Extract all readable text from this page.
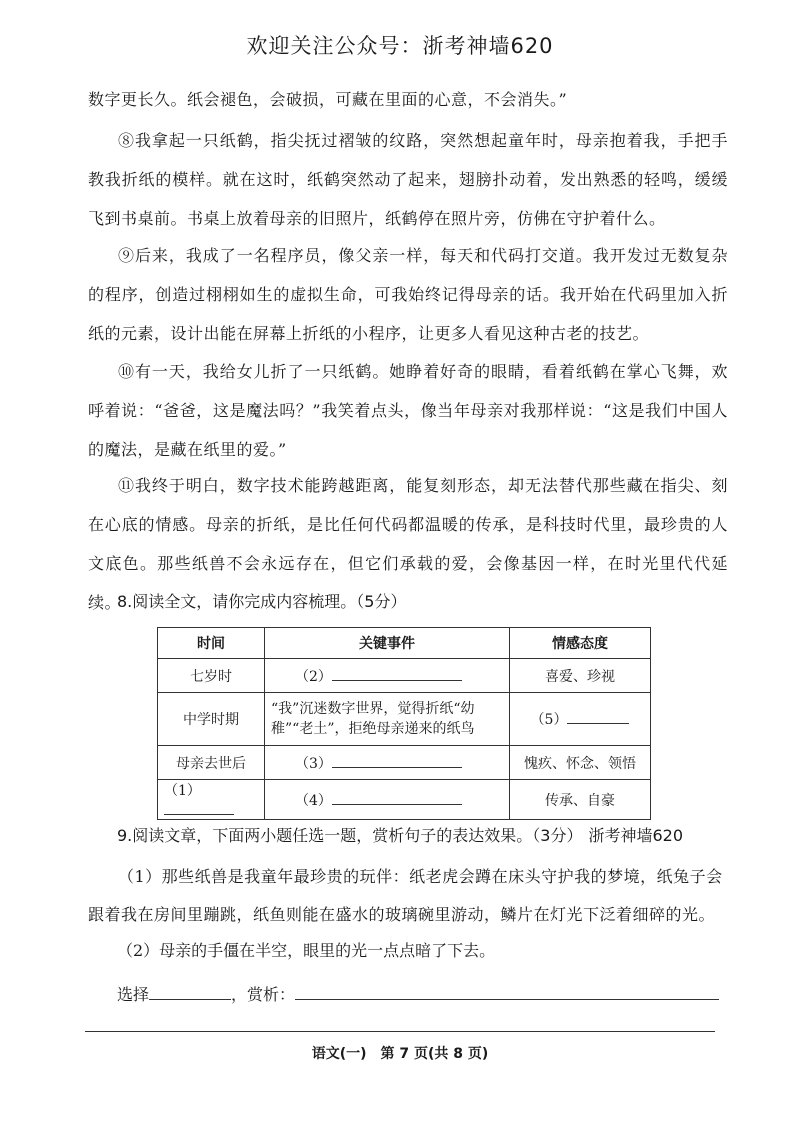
欢迎关注公众号：浙考神墙620

数字更长久。纸会褪色，会破损，可藏在里面的心意，不会消失。”

⑧我拿起一只纸鹤，指尖抚过褶皱的纹路，突然想起童年时，母亲抱着我，手把手教我折纸的模样。就在这时，纸鹤突然动了起来，翅膀扑动着，发出熟悉的轻鸣，缓缓飞到书桌前。书桌上放着母亲的旧照片，纸鹤停在照片旁，仿佛在守护着什么。

⑨后来，我成了一名程序员，像父亲一样，每天和代码打交道。我开发过无数复杂的程序，创造过栩栩如生的虚拟生命，可我始终记得母亲的话。我开始在代码里加入折纸的元素，设计出能在屏幕上折纸的小程序，让更多人看见这种古老的技艺。

⑩有一天，我给女儿折了一只纸鹤。她睁着好奇的眼睛，看着纸鹤在掌心飞舞，欢呼着说：“爸爸，这是魔法吗？”我笑着点头，像当年母亲对我那样说：“这是我们中国人的魔法，是藏在纸里的爱。”

⑪我终于明白，数字技术能跨越距离，能复刻形态，却无法替代那些藏在指尖、刻在心底的情感。母亲的折纸，是比任何代码都温暖的传承，是科技时代里，最珍贵的人文底色。那些纸兽不会永远存在，但它们承载的爱，会像基因一样，在时光里代代延续。

8.阅读全文，请你完成内容梳理。（5分）
时间	关键事件	情感态度
七岁时	（2）	喜爱、珍视
中学时期	“我”沉迷数字世界，觉得折纸“幼稚”“老土”，拒绝母亲递来的纸鸟	（5）
母亲去世后	（3）	愧疚、怀念、领悟
（1）	（4）	传承、自豪
9.阅读文章，下面两小题任选一题，赏析句子的表达效果。（3分） 浙考神墙620

（1）那些纸兽是我童年最珍贵的玩伴：纸老虎会蹲在床头守护我的梦境，纸兔子会跟着我在房间里蹦跳，纸鱼则能在盛水的玻璃碗里游动，鳞片在灯光下泛着细碎的光。

（2）母亲的手僵在半空，眼里的光一点点暗了下去。
选择	，赏析：
语文(一)　第 7 页(共 8 页)
